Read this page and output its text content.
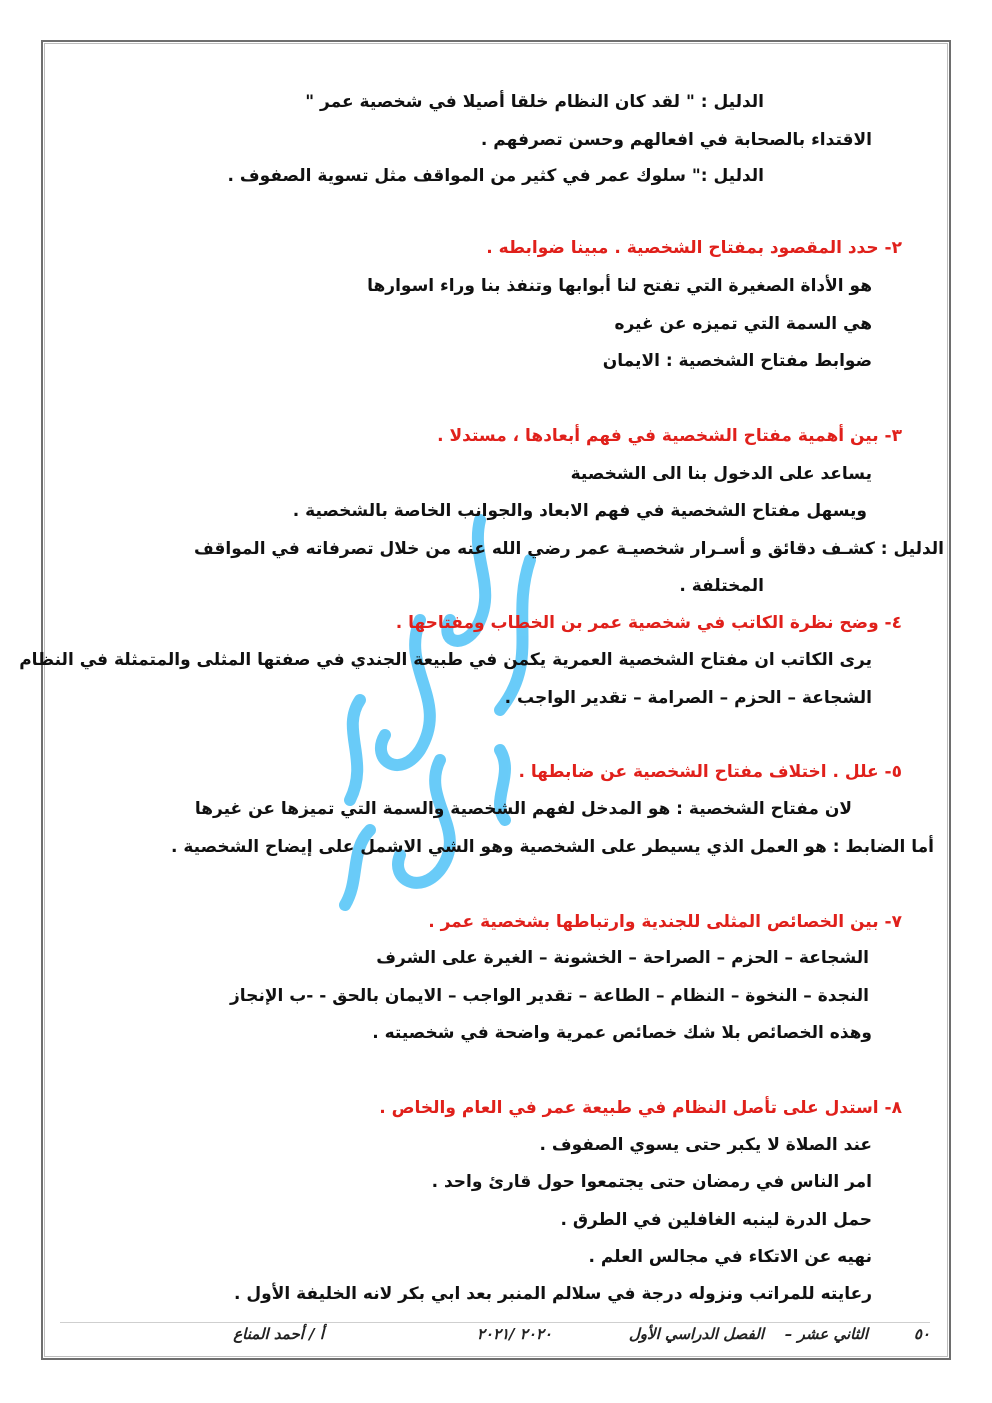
الدليل : " لقد كان النظام خلقا أصيلا في شخصية عمر "
الاقتداء بالصحابة في افعالهم وحسن تصرفهم .
الدليل :" سلوك عمر في كثير من المواقف مثل تسوية الصفوف .
٢- حدد المقصود بمفتاح الشخصية . مبينا ضوابطه .
هو الأداة الصغيرة التي تفتح لنا أبوابها وتنفذ بنا وراء اسوارها
هي السمة التي تميزه عن غيره
ضوابط مفتاح الشخصية : الايمان
٣- بين أهمية مفتاح الشخصية في فهم أبعادها ، مستدلا .
يساعد على الدخول بنا الى الشخصية
ويسهل مفتاح الشخصية في فهم الابعاد والجوانب الخاصة بالشخصية .
الدليل : كشـف دقائق و أسـرار شخصيـة عمر رضي الله عنه من خلال تصرفاته في المواقف
المختلفة .
٤- وضح نظرة الكاتب في شخصية عمر بن الخطاب ومفتاحها .
يرى الكاتب ان مفتاح الشخصية العمرية يكمن في طبيعة الجندي في صفتها المثلى والمتمثلة في النظام
الشجاعة – الحزم – الصرامة – تقدير الواجب .
٥- علل . اختلاف مفتاح الشخصية عن ضابطها .
لان مفتاح الشخصية : هو المدخل لفهم الشخصية والسمة التي تميزها عن غيرها
أما الضابط : هو العمل الذي يسيطر على الشخصية وهو الشي الاشمل على إيضاح الشخصية .
٧- بين الخصائص المثلى للجندية وارتباطها بشخصية عمر .
الشجاعة – الحزم – الصراحة – الخشونة – الغيرة على الشرف
النجدة – النخوة – النظام – الطاعة – تقدير الواجب – الايمان بالحق - -ب الإنجاز
وهذه الخصائص بلا شك خصائص عمرية واضحة في شخصيته .
٨- استدل على تأصل النظام في طبيعة عمر في العام والخاص .
عند الصلاة لا يكبر حتى يسوي الصفوف .
امر الناس في رمضان حتى يجتمعوا حول قارئ واحد .
حمل الدرة لينبه الغافلين في الطرق .
نهيه عن الاتكاء في مجالس العلم .
رعايته للمراتب ونزوله درجة في سلالم المنبر بعد ابي بكر لانه الخليفة الأول .
٥٠
الثاني عشر –
الفصل الدراسي الأول
٢٠٢٠ /٢٠٢١
أ / أحمد المناع
